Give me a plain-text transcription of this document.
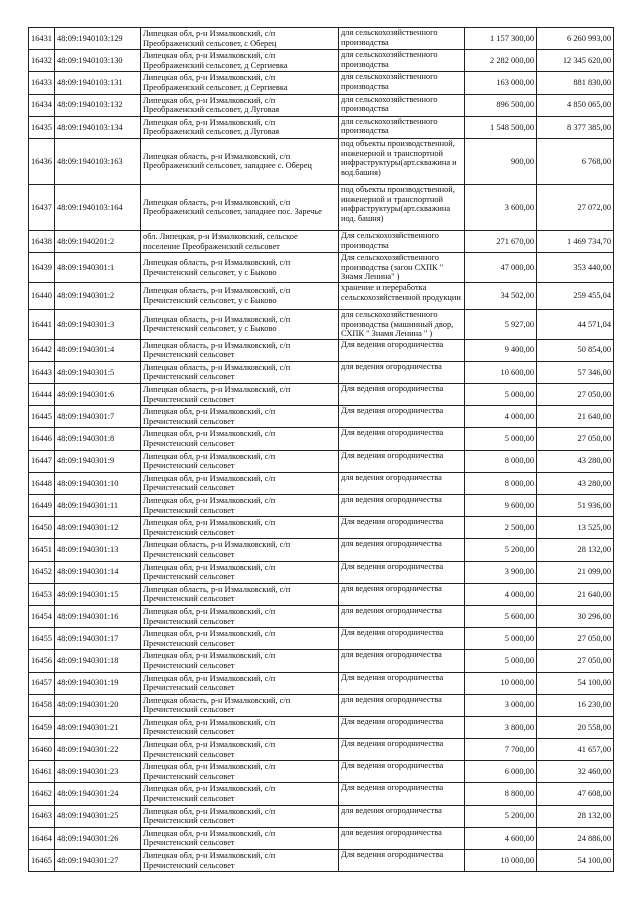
16431	48:09:1940103:129	Липецкая обл, р-н Измалковский, с/п
Преображенский сельсовет, с Оберец	для сельскохозяйственного
производства	1 157 300,00	6 260 993,00
16432	48:09:1940103:130	Липецкая обл, р-н Измалковский, с/п
Преображенский сельсовет, д Сергиевка	для сельскохозяйственного
производства	2 282 000,00	12 345 620,00
16433	48:09:1940103:131	Липецкая обл, р-н Измалковский, с/п
Преображенский сельсовет, д Сергиевка	для сельскохозяйственного
производства	163 000,00	881 830,00
16434	48:09:1940103:132	Липецкая обл, р-н Измалковский, с/п
Преображенский сельсовет, д Луговая	для сельскохозяйственного
производства	896 500,00	4 850 065,00
16435	48:09:1940103:134	Липецкая обл, р-н Измалковский, с/п
Преображенский сельсовет, д Луговая	для сельскохозяйственного
производства	1 548 500,00	8 377 385,00
16436	48:09:1940103:163	Липецкая область, р-н Измалковский, с/п
Преображенский сельсовет, западнее с. Оберец	под объекты производственной,
инженерной и транспортной
инфраструктуры(арт.скважина и
вод.башня)	900,00	6 768,00
16437	48:09:1940103:164	Липецкая область, р-н Измалковский, с/п
Преображенский сельсовет, западнее пос. Заречье	под объекты производственной,
инженерной и транспортной
инфраструктуры(арт.скважина
иод. башня)	3 600,00	27 072,00
16438	48:09:1940201:2	обл. Липецкая, р-н Измалковский, сельское
поселение Преображенский сельсовет	Для сельскохозяйственного
производства	271 670,00	1 469 734,70
16439	48:09:1940301:1	Липецкая область, р-н Измалковский, с/п
Пречистенский сельсовет, у с Быково	Для сельскохозяйственного
производства (загон СХПК "
Знамя Ленина" )	47 000,00	353 440,00
16440	48:09:1940301:2	Липецкая область, р-н Измалковский, с/п
Пречистенский сельсовет, у с Быково	хранение и переработка
сельскохозяйственной продукции	34 502,00	259 455,04
16441	48:09:1940301:3	Липецкая область, р-н Измалковский, с/п
Пречистенский сельсовет, у с Быково	для сельскохозяйственного
производства (машинный двор,
СХПК " Знамя Ленина " )	5 927,00	44 571,04
16442	48:09:1940301:4	Липецкая область, р-н Измалковский, с/п
Пречистенский сельсовет	Для ведения огородничества	9 400,00	50 854,00
16443	48:09:1940301:5	Липецкая область, р-н Измалковский, с/п
Пречистенский сельсовет	для ведения огородничества	10 600,00	57 346,00
16444	48:09:1940301:6	Липецкая область, р-н Измалковский, с/п
Пречистенский сельсовет	Для ведения огородничества	5 000,00	27 050,00
16445	48:09:1940301:7	Липецкая обл, р-н Измалковский, с/п
Пречистенский сельсовет	Для ведения огородничества	4 000,00	21 640,00
16446	48:09:1940301:8	Липецкая обл, р-н Измалковский, с/п
Пречистенский сельсовет	Для ведения огородничества	5 000,00	27 050,00
16447	48:09:1940301:9	Липецкая обл, р-н Измалковский, с/п
Пречистенский сельсовет	Для ведения огородничества	8 000,00	43 280,00
16448	48:09:1940301:10	Липецкая обл, р-н Измалковский, с/п
Пречистенский сельсовет	для ведения огородничества	8 000,00	43 280,00
16449	48:09:1940301:11	Липецкая обл, р-н Измалковский, с/п
Пречистенский сельсовет	для ведения огородничества	9 600,00	51 936,00
16450	48:09:1940301:12	Липецкая обл, р-н Измалковский, с/п
Пречистенский сельсовет	Для ведения огородничества	2 500,00	13 525,00
16451	48:09:1940301:13	Липецкая область, р-н Измалковский, с/п
Пречистенский сельсовет	для ведения огородничества	5 200,00	28 132,00
16452	48:09:1940301:14	Липецкая обл, р-н Измалковский, с/п
Пречистенский сельсовет	Для ведения огородничества	3 900,00	21 099,00
16453	48:09:1940301:15	Липецкая область, р-н Измалковский, с/п
Пречистенский сельсовет	для ведения огородничества	4 000,00	21 640,00
16454	48:09:1940301:16	Липецкая обл, р-н Измалковский, с/п
Пречистенский сельсовет	для ведения огородничества	5 600,00	30 296,00
16455	48:09:1940301:17	Липецкая обл, р-н Измалковский, с/п
Пречистенский сельсовет	Для ведения огородничества	5 000,00	27 050,00
16456	48:09:1940301:18	Липецкая обл, р-н Измалковский, с/п
Пречистенский сельсовет	для ведения огородничества	5 000,00	27 050,00
16457	48:09:1940301:19	Липецкая обл, р-н Измалковский, с/п
Пречистенский сельсовет	Для ведения огородничества	10 000,00	54 100,00
16458	48:09:1940301:20	Липецкая область, р-н Измалковский, с/п
Пречистенский сельсовет	для ведения огородничества	3 000,00	16 230,00
16459	48:09:1940301:21	Липецкая обл, р-н Измалковский, с/п
Пречистенский сельсовет	Для ведения огородничества	3 800,00	20 558,00
16460	48:09:1940301:22	Липецкая обл, р-н Измалковский, с/п
Пречистенский сельсовет	Для ведения огородничества	7 700,00	41 657,00
16461	48:09:1940301:23	Липецкая обл, р-н Измалковский, с/п
Пречистенский сельсовет	Для ведения огородничества	6 000,00	32 460,00
16462	48:09:1940301:24	Липецкая обл, р-н Измалковский, с/п
Пречистенский сельсовет	Для ведения огородничества	8 800,00	47 608,00
16463	48:09:1940301:25	Липецкая обл, р-н Измалковский, с/п
Пречистенский сельсовет	для ведения огородничества	5 200,00	28 132,00
16464	48:09:1940301:26	Липецкая обл, р-н Измалковский, с/п
Пречистенский сельсовет	для ведения огородничества	4 600,00	24 886,00
16465	48:09:1940301:27	Липецкая обл, р-н Измалковский, с/п
Пречистенский сельсовет	Для ведения огородничества	10 000,00	54 100,00
